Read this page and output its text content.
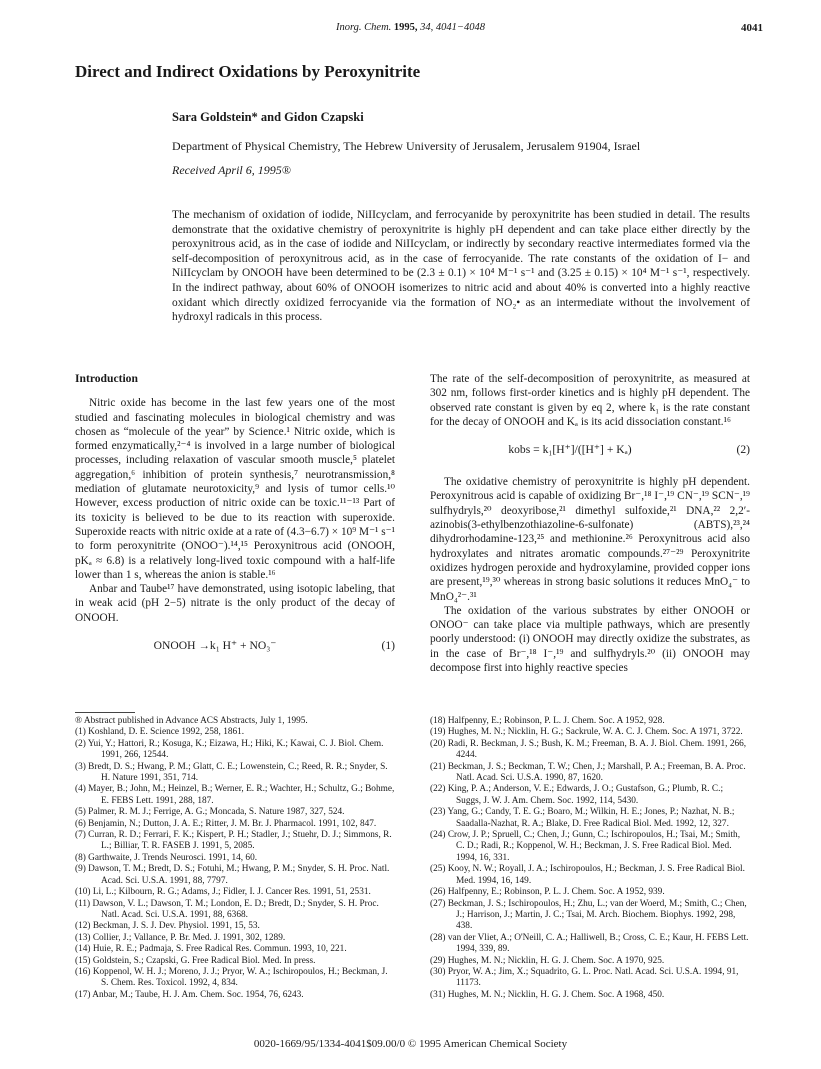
Inorg. Chem. 1995, 34, 4041−4048	4041
Direct and Indirect Oxidations by Peroxynitrite
Sara Goldstein* and Gidon Czapski
Department of Physical Chemistry, The Hebrew University of Jerusalem, Jerusalem 91904, Israel
Received April 6, 1995®

The mechanism of oxidation of iodide, NiIIcyclam, and ferrocyanide by peroxynitrite has been studied in detail. The results demonstrate that the oxidative chemistry of peroxynitrite is highly pH dependent and can take place either directly by the peroxynitrous acid, as in the case of iodide and NiIIcyclam, or indirectly by secondary reactive intermediates formed via the self-decomposition of peroxynitrous acid, as in the case of ferrocyanide. The rate constants of the oxidation of I− and NiIIcyclam by ONOOH have been determined to be (2.3 ± 0.1) × 10⁴ M⁻¹ s⁻¹ and (3.25 ± 0.15) × 10⁴ M⁻¹ s⁻¹, respectively. In the indirect pathway, about 60% of ONOOH isomerizes to nitric acid and about 40% is converted into a highly reactive oxidant which directly oxidized ferrocyanide via the formation of NO₂• as an intermediate without the involvement of hydroxyl radicals in this process.

Introduction

Nitric oxide has become in the last few years one of the most studied and fascinating molecules in biological chemistry and was chosen as “molecule of the year” by Science.¹ Nitric oxide, which is formed enzymatically,²⁻⁴ is involved in a large number of biological processes, including relaxation of vascular smooth muscle,⁵ platelet aggregation,⁶ inhibition of protein synthesis,⁷ neurotransmission,⁸ mediation of glutamate neurotoxicity,⁹ and lysis of tumor cells.¹⁰ However, excess production of nitric oxide can be toxic.¹¹⁻¹³ Part of its toxicity is believed to be due to its reaction with superoxide. Superoxide reacts with nitric oxide at a rate of (4.3−6.7) × 10⁹ M⁻¹ s⁻¹ to form peroxynitrite (ONOO⁻).¹⁴,¹⁵ Peroxynitrous acid (ONOOH, pKₐ ≈ 6.8) is a relatively long-lived toxic compound with a half-life lower than 1 s, whereas the anion is stable.¹⁶

Anbar and Taube¹⁷ have demonstrated, using isotopic labeling, that in weak acid (pH 2−5) nitrate is the only product of the decay of ONOOH.

ONOOH →k₁ H⁺ + NO₃⁻	(1)

The rate of the self-decomposition of peroxynitrite, as measured at 302 nm, follows first-order kinetics and is highly pH dependent. The observed rate constant is given by eq 2, where k₁ is the rate constant for the decay of ONOOH and Kₐ is its acid dissociation constant.¹⁶

kobs = k₁[H⁺]/([H⁺] + Kₐ)	(2)

The oxidative chemistry of peroxynitrite is highly pH dependent. Peroxynitrous acid is capable of oxidizing Br⁻,¹⁸ I⁻,¹⁹ CN⁻,¹⁹ SCN⁻,¹⁹ sulfhydryls,²⁰ deoxyribose,²¹ dimethyl sulfoxide,²¹ DNA,²² 2,2′-azinobis(3-ethylbenzothiazoline-6-sulfonate) (ABTS),²³,²⁴ dihydrorhodamine-123,²⁵ and methionine.²⁶ Peroxynitrous acid also hydroxylates and nitrates aromatic compounds.²⁷⁻²⁹ Peroxynitrite oxidizes hydrogen peroxide and hydroxylamine, provided copper ions are present,¹⁹,³⁰ whereas in strong basic solutions it reduces MnO₄⁻ to MnO₄²⁻.³¹

The oxidation of the various substrates by either ONOOH or ONOO⁻ can take place via multiple pathways, which are presently poorly understood: (i) ONOOH may directly oxidize the substrates, as in the case of Br⁻,¹⁸ I⁻,¹⁹ and sulfhydryls.²⁰ (ii) ONOOH may decompose first into highly reactive species

® Abstract published in Advance ACS Abstracts, July 1, 1995.

(1) Koshland, D. E. Science 1992, 258, 1861.

(2) Yui, Y.; Hattori, R.; Kosuga, K.; Eizawa, H.; Hiki, K.; Kawai, C. J. Biol. Chem. 1991, 266, 12544.

(3) Bredt, D. S.; Hwang, P. M.; Glatt, C. E.; Lowenstein, C.; Reed, R. R.; Snyder, S. H. Nature 1991, 351, 714.

(4) Mayer, B.; John, M.; Heinzel, B.; Werner, E. R.; Wachter, H.; Schultz, G.; Bohme, E. FEBS Lett. 1991, 288, 187.

(5) Palmer, R. M. J.; Ferrige, A. G.; Moncada, S. Nature 1987, 327, 524.

(6) Benjamin, N.; Dutton, J. A. E.; Ritter, J. M. Br. J. Pharmacol. 1991, 102, 847.

(7) Curran, R. D.; Ferrari, F. K.; Kispert, P. H.; Stadler, J.; Stuehr, D. J.; Simmons, R. L.; Billiar, T. R. FASEB J. 1991, 5, 2085.

(8) Garthwaite, J. Trends Neurosci. 1991, 14, 60.

(9) Dawson, T. M.; Bredt, D. S.; Fotuhi, M.; Hwang, P. M.; Snyder, S. H. Proc. Natl. Acad. Sci. U.S.A. 1991, 88, 7797.

(10) Li, L.; Kilbourn, R. G.; Adams, J.; Fidler, I. J. Cancer Res. 1991, 51, 2531.

(11) Dawson, V. L.; Dawson, T. M.; London, E. D.; Bredt, D.; Snyder, S. H. Proc. Natl. Acad. Sci. U.S.A. 1991, 88, 6368.

(12) Beckman, J. S. J. Dev. Physiol. 1991, 15, 53.

(13) Collier, J.; Vallance, P. Br. Med. J. 1991, 302, 1289.

(14) Huie, R. E.; Padmaja, S. Free Radical Res. Commun. 1993, 10, 221.

(15) Goldstein, S.; Czapski, G. Free Radical Biol. Med. In press.

(16) Koppenol, W. H. J.; Moreno, J. J.; Pryor, W. A.; Ischiropoulos, H.; Beckman, J. S. Chem. Res. Toxicol. 1992, 4, 834.

(17) Anbar, M.; Taube, H. J. Am. Chem. Soc. 1954, 76, 6243.

(18) Halfpenny, E.; Robinson, P. L. J. Chem. Soc. A 1952, 928.

(19) Hughes, M. N.; Nicklin, H. G.; Sackrule, W. A. C. J. Chem. Soc. A 1971, 3722.

(20) Radi, R. Beckman, J. S.; Bush, K. M.; Freeman, B. A. J. Biol. Chem. 1991, 266, 4244.

(21) Beckman, J. S.; Beckman, T. W.; Chen, J.; Marshall, P. A.; Freeman, B. A. Proc. Natl. Acad. Sci. U.S.A. 1990, 87, 1620.

(22) King, P. A.; Anderson, V. E.; Edwards, J. O.; Gustafson, G.; Plumb, R. C.; Suggs, J. W. J. Am. Chem. Soc. 1992, 114, 5430.

(23) Yang, G.; Candy, T. E. G.; Boaro, M.; Wilkin, H. E.; Jones, P.; Nazhat, N. B.; Saadalla-Nazhat, R. A.; Blake, D. Free Radical Biol. Med. 1992, 12, 327.

(24) Crow, J. P.; Spruell, C.; Chen, J.; Gunn, C.; Ischiropoulos, H.; Tsai, M.; Smith, C. D.; Radi, R.; Koppenol, W. H.; Beckman, J. S. Free Radical Biol. Med. 1994, 16, 331.

(25) Kooy, N. W.; Royall, J. A.; Ischiropoulos, H.; Beckman, J. S. Free Radical Biol. Med. 1994, 16, 149.

(26) Halfpenny, E.; Robinson, P. L. J. Chem. Soc. A 1952, 939.

(27) Beckman, J. S.; Ischiropoulos, H.; Zhu, L.; van der Woerd, M.; Smith, C.; Chen, J.; Harrison, J.; Martin, J. C.; Tsai, M. Arch. Biochem. Biophys. 1992, 298, 438.

(28) van der Vliet, A.; O'Neill, C. A.; Halliwell, B.; Cross, C. E.; Kaur, H. FEBS Lett. 1994, 339, 89.

(29) Hughes, M. N.; Nicklin, H. G. J. Chem. Soc. A 1970, 925.

(30) Pryor, W. A.; Jim, X.; Squadrito, G. L. Proc. Natl. Acad. Sci. U.S.A. 1994, 91, 11173.

(31) Hughes, M. N.; Nicklin, H. G. J. Chem. Soc. A 1968, 450.

0020-1669/95/1334-4041$09.00/0 © 1995 American Chemical Society
